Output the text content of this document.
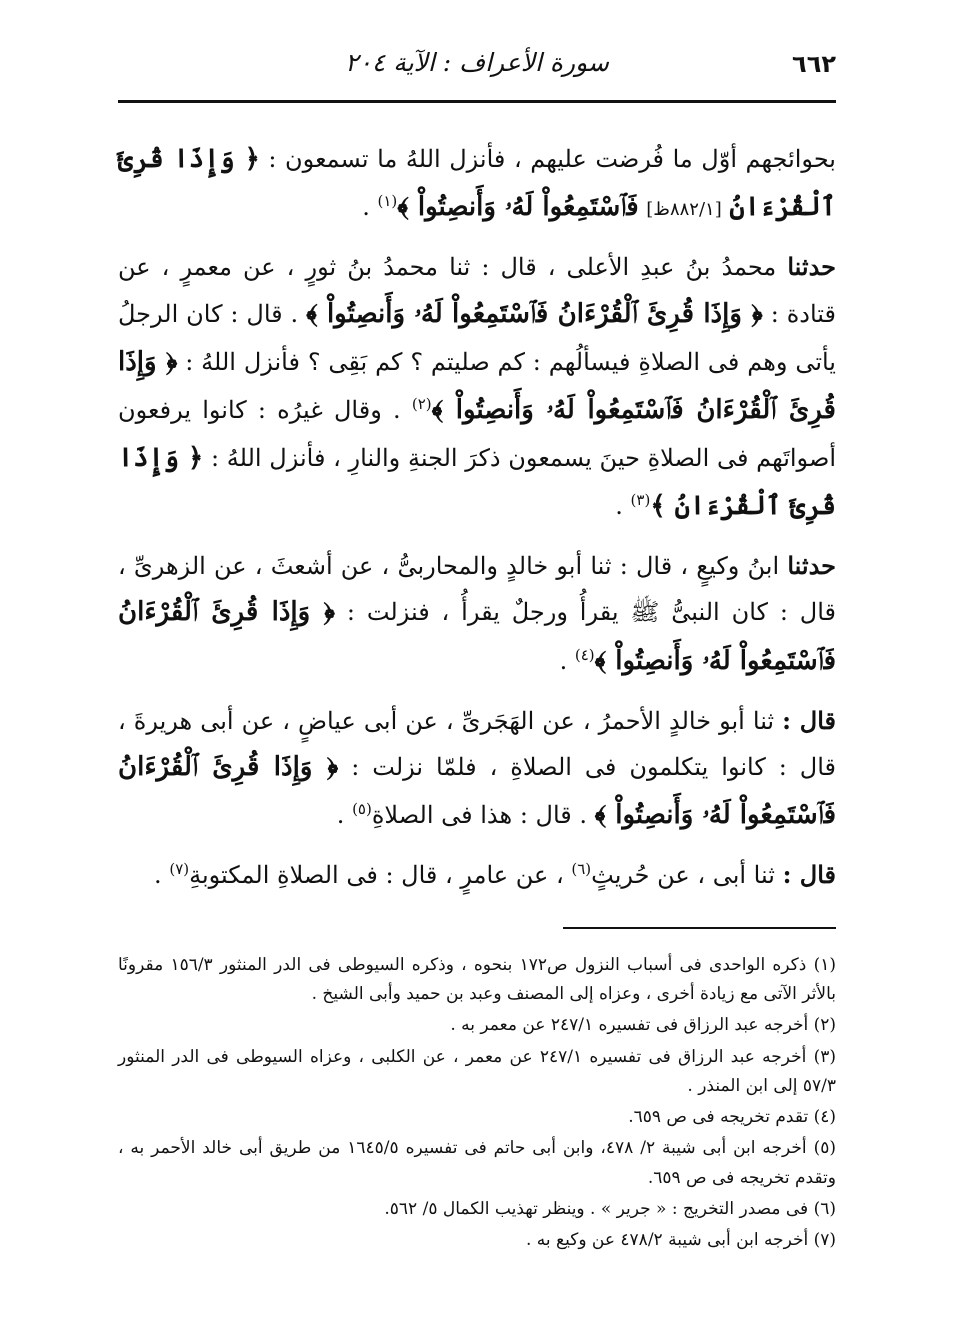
٦٦٢
سورة الأعراف : الآية ٢٠٤

بحوائجهم أوّل ما فُرضت عليهم ، فأنزل اللهُ ما تسمعون : ﴿ وَإِذَا قُرِئَ ٱلْقُرْءَانُ [٨٨٢/١ظ] فَٱسْتَمِعُواْ لَهُۥ وَأَنصِتُواْ ﴾$^{(١)}$ .

حدثنا محمدُ بنُ عبدِ الأعلى ، قال : ثنا محمدُ بنُ ثورٍ ، عن معمرٍ ، عن قتادة : ﴿ وَإِذَا قُرِئَ ٱلْقُرْءَانُ فَٱسْتَمِعُواْ لَهُۥ وَأَنصِتُواْ ﴾ . قال : كان الرجلُ يأتى وهم فى الصلاةِ فيسألُهم : كم صليتم ؟ كم بَقِى ؟ فأنزل اللهُ : ﴿ وَإِذَا قُرِئَ ٱلْقُرْءَانُ فَٱسْتَمِعُواْ لَهُۥ وَأَنصِتُواْ ﴾$^{(٢)}$ . وقال غيرُه : كانوا يرفعون أصواتَهم فى الصلاةِ حينَ يسمعون ذكرَ الجنةِ والنارِ ، فأنزل اللهُ : ﴿ وَإِذَا قُرِئَ ٱلْقُرْءَانُ ﴾$^{(٣)}$ .

حدثنا ابنُ وكيعٍ ، قال : ثنا أبو خالدٍ والمحاربىُّ ، عن أشعثَ ، عن الزهرىِّ ، قال : كان النبىُّ ﷺ يقرأُ ورجلٌ يقرأُ ، فنزلت : ﴿ وَإِذَا قُرِئَ ٱلْقُرْءَانُ فَٱسْتَمِعُواْ لَهُۥ وَأَنصِتُواْ ﴾$^{(٤)}$ .

قال : ثنا أبو خالدٍ الأحمرُ ، عن الهَجَرىِّ ، عن أبى عياضٍ ، عن أبى هريرةَ ، قال : كانوا يتكلمون فى الصلاةِ ، فلمّا نزلت : ﴿ وَإِذَا قُرِئَ ٱلْقُرْءَانُ فَٱسْتَمِعُواْ لَهُۥ وَأَنصِتُواْ ﴾ . قال : هذا فى الصلاةِ$^{(٥)}$ .

قال : ثنا أبى ، عن حُريثٍ$^{(٦)}$ ، عن عامرٍ ، قال : فى الصلاةِ المكتوبةِ$^{(٧)}$ .

(١) ذكره الواحدى فى أسباب النزول ص١٧٢ بنحوه ، وذكره السيوطى فى الدر المنثور ١٥٦/٣ مقرونًا بالأثر الآتى مع زيادة أخرى ، وعزاه إلى المصنف وعبد بن حميد وأبى الشيخ .

(٢) أخرجه عبد الرزاق فى تفسيره ٢٤٧/١ عن معمر به .

(٣) أخرجه عبد الرزاق فى تفسيره ٢٤٧/١ عن معمر ، عن الكلبى ، وعزاه السيوطى فى الدر المنثور ٥٧/٣ إلى ابن المنذر .

(٤) تقدم تخريجه فى ص ٦٥٩.

(٥) أخرجه ابن أبى شيبة ٢/ ٤٧٨، وابن أبى حاتم فى تفسيره ١٦٤٥/٥ من طريق أبى خالد الأحمر به ، وتقدم تخريجه فى ص ٦٥٩.

(٦) فى مصدر التخريج : « جرير » . وينظر تهذيب الكمال ٥/ ٥٦٢.

(٧) أخرجه ابن أبى شيبة ٤٧٨/٢ عن وكيع به .
